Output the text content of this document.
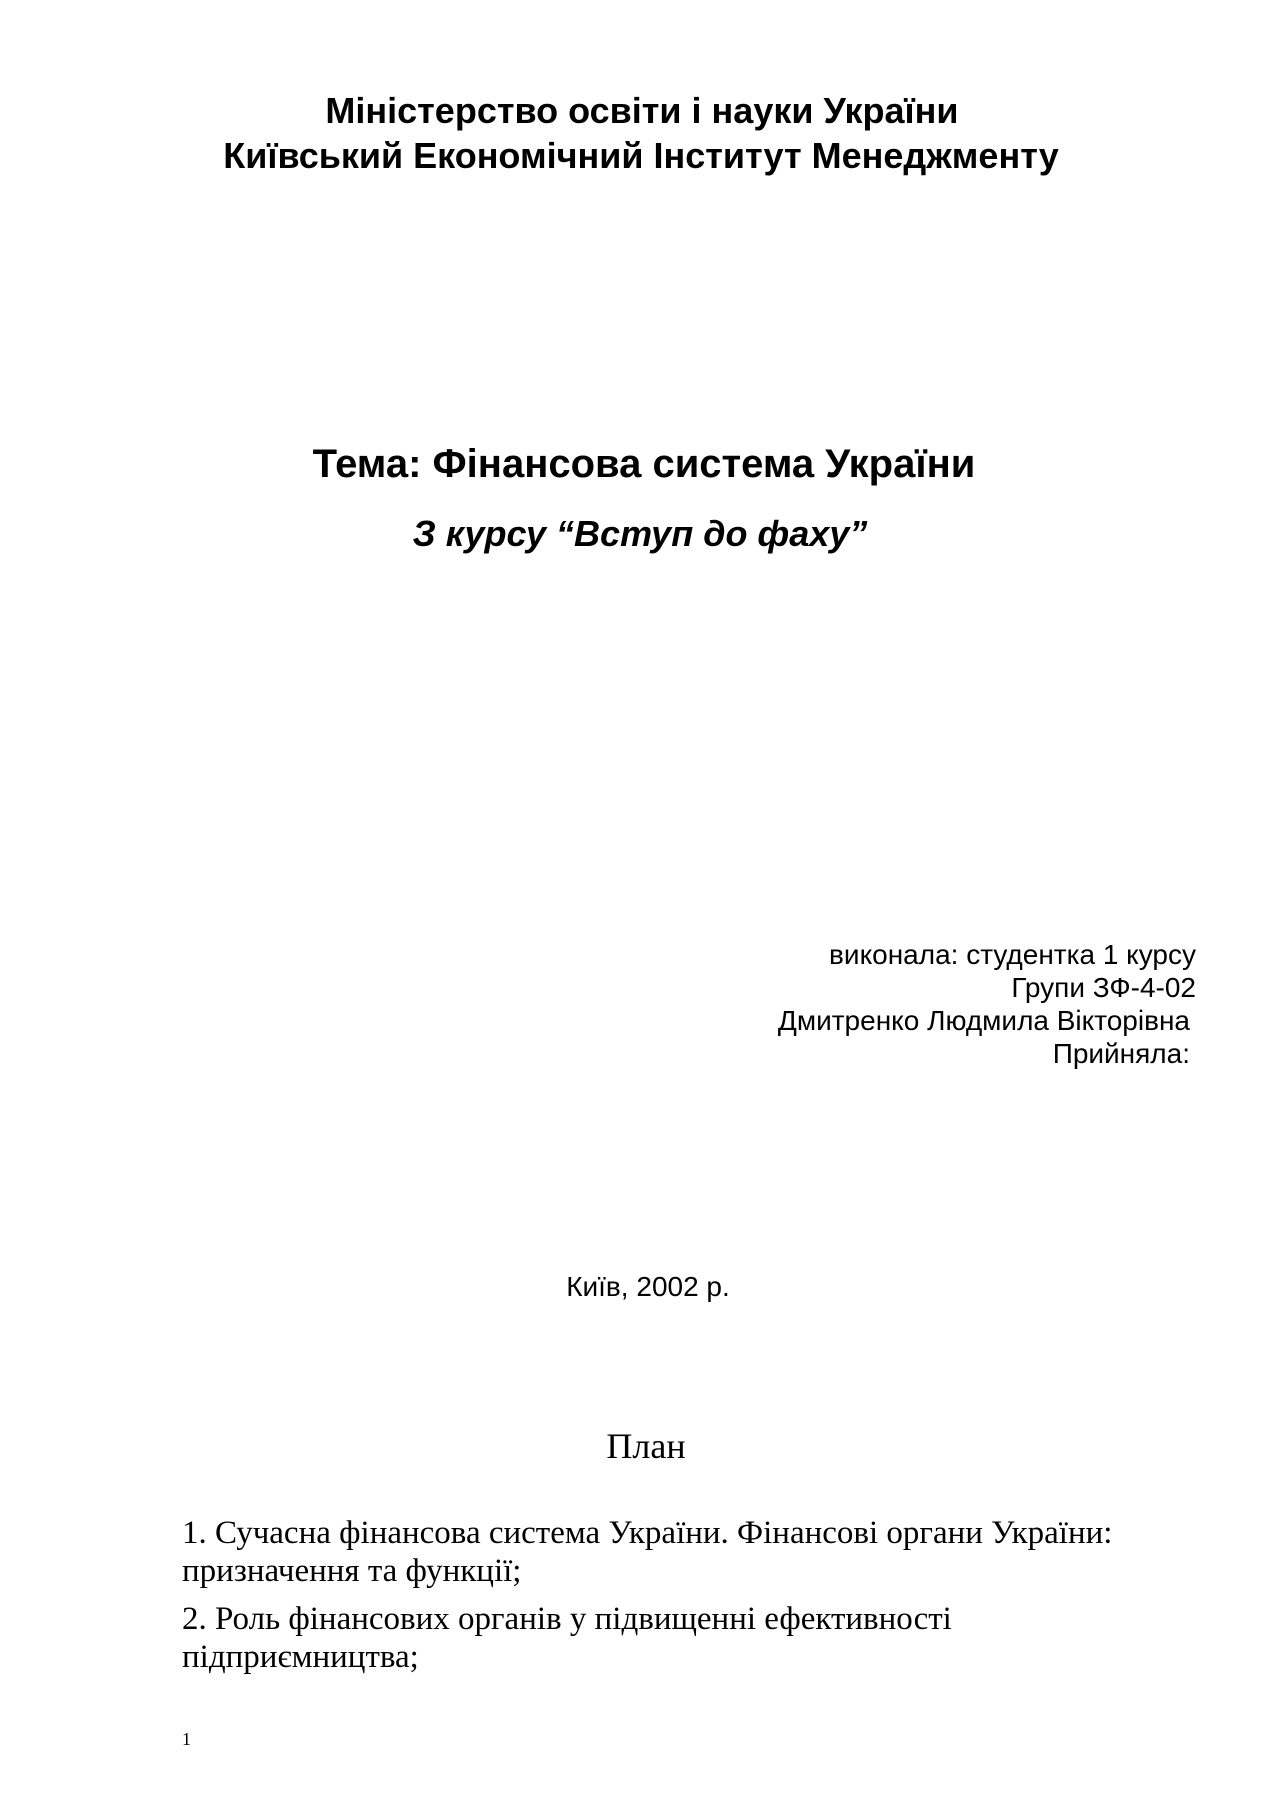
Міністерство освіти і науки України
Київський Економічний Інститут Менеджменту
Тема: Фінансова система України
З курсу “Вступ до фаху”
виконала: студентка 1 курсу
Групи ЗФ-4-02
Дмитренко Людмила Вікторівна
Прийняла:
Київ, 2002 р.
План

1. Сучасна фінансова система України. Фінансові органи України: призначення та функції;

2. Роль фінансових органів у підвищенні ефективності підприємництва;

1
